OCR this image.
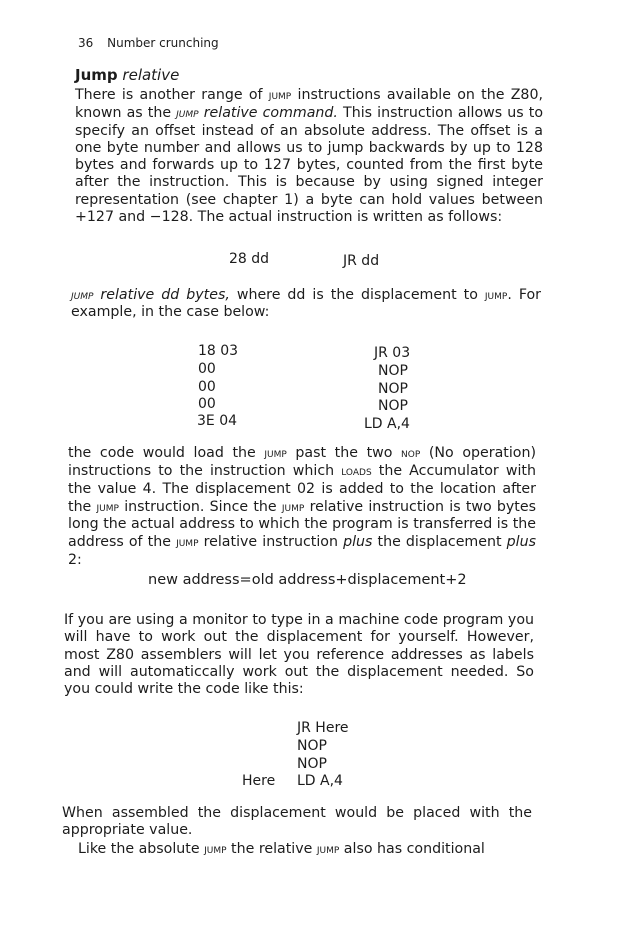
36 Number crunching
Jump relative
There is another range of jump instructions available on the Z80, known as the jump relative command. This instruction allows us to specify an offset instead of an absolute address. The offset is a one byte number and allows us to jump backwards by up to 128 bytes and forwards up to 127 bytes, counted from the first byte after the instruction. This is because by using signed integer representation (see chapter 1) a byte can hold values between +127 and −128. The actual instruction is written as follows:
28 dd	JR dd
jump relative dd bytes, where dd is the displacement to jump. For example, in the case below:
18 03
00
00
00
3E 04
JR 03
NOP
NOP
NOP
LD A,4
the code would load the jump past the two nop (No operation) instructions to the instruction which loads the Accumulator with the value 4. The displacement 02 is added to the location after the jump instruction. Since the jump relative instruction is two bytes long the actual address to which the program is transferred is the address of the jump relative instruction plus the displacement plus 2:
new address=old address+displacement+2
If you are using a monitor to type in a machine code program you will have to work out the displacement for yourself. However, most Z80 assemblers will let you reference addresses as labels and will automaticcally work out the displacement needed. So you could write the code like this:
JR Here
NOP
NOP
Here LD A,4
When assembled the displacement would be placed with the appropriate value.
Like the absolute jump the relative jump also has conditional
